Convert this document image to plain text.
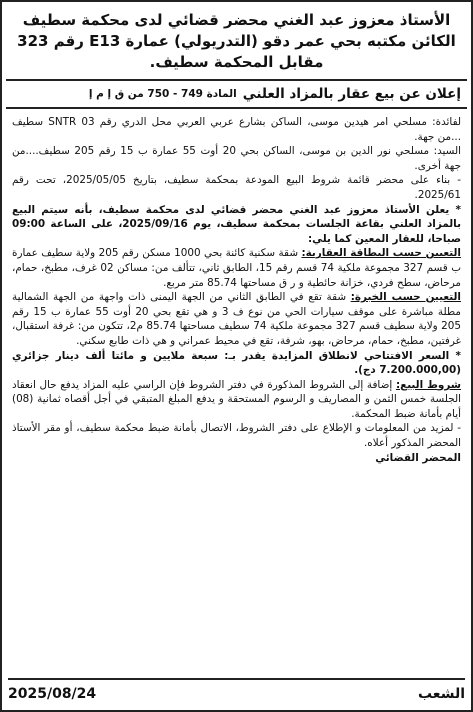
الأستاذ معزوز عبد الغني محضر قضائي لدى محكمة سطيف
الكائن مكتبه بحي عمر دقو (التدريولي) عمارة E13 رقم 323
مقابل المحكمة سطيف.
إعلان عن بيع عقار بالمزاد العلني
المادة 749 - 750 من ق إ م إ

لفائدة: مسلحي امر هيدين موسى، الساكن بشارع عربي العربي محل الدري رقم 03 SNTR سطيف ...من جهة.

السيد: مسلحي نور الدين بن موسى، الساكن بحي 20 أوت 55 عمارة ب 15 رقم 205 سطيف....من جهة أخرى.

- بناء على محضر قائمة شروط البيع المودعة بمحكمة سطيف، بتاريخ 2025/05/05، تحت رقم 2025/61.

* يعلن الأستاذ معزوز عبد الغني محضر قضائي لدى محكمة سطيف، بأنه سيتم البيع بالمزاد العلني بقاعة الجلسات بمحكمة سطيف، يوم 2025/09/16، على الساعة 09:00 صباحا، للعقار المعين كما يلي:

التعيين حسب البطاقة العقارية: شقة سكنية كائنة بحي 1000 مسكن رقم 205 ولاية سطيف عمارة ب قسم 327 مجموعة ملكية 74 قسم رقم 15، الطابق ثاني، تتألف من: مساكن 02 غرف، مطبخ، حمام، مرحاض، سطح فردي، خزانة حائطية و ر ق مساحتها 85.74 متر مربع.

التعيين حسب الخبرة: شقة تقع في الطابق الثاني من الجهة اليمنى ذات واجهة من الجهة الشمالية مطلة مباشرة على موقف سيارات الحي من نوع ف 3 و هي تقع بحي 20 أوت 55 عمارة ب 15 رقم 205 ولاية سطيف قسم 327 مجموعة ملكية 74 سطيف مساحتها 85.74 م2، تتكون من: غرفة استقبال، غرفتين، مطبخ، حمام، مرحاض، بهو، شرفة، تقع في محيط عمراني و هي ذات طابع سكني.

* السعر الافتتاحي لانطلاق المزايدة يقدر بـ: سبعة ملايين و مائتا ألف دينار جزائري (7.200.000,00 دج).

شروط البيع: إضافة إلى الشروط المذكورة في دفتر الشروط فإن الراسي عليه المزاد يدفع حال انعقاد الجلسة خمس الثمن و المصاريف و الرسوم المستحقة و يدفع المبلغ المتبقي في أجل أقصاه ثمانية (08) أيام بأمانة ضبط المحكمة.

- لمزيد من المعلومات و الإطلاع على دفتر الشروط، الاتصال بأمانة ضبط محكمة سطيف، أو مقر الأستاذ المحضر المذكور أعلاه.

المحضر القضائي
الشعب
2025/08/24
